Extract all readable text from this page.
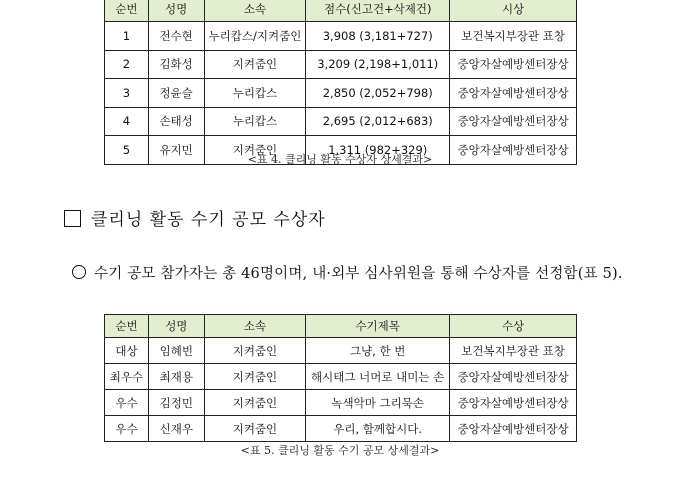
순번	성명	소속	점수(신고건+삭제건)	시상
1	전수현	누리캅스/지켜줌인	3,908 (3,181+727)	보건복지부장관 표창
2	김화성	지켜줌인	3,209 (2,198+1,011)	중앙자살예방센터장상
3	정윤슬	누리캅스	2,850 (2,052+798)	중앙자살예방센터장상
4	손태성	누리캅스	2,695 (2,012+683)	중앙자살예방센터장상
5	유지민	지켜줌인	1,311 (982+329)	중앙자살예방센터장상
<표 4. 클리닝 활동 수상자 상세결과>
클리닝 활동 수기 공모 수상자
수기 공모 참가자는 총 46명이며, 내·외부 심사위원을 통해 수상자를 선정함(표 5).
순번	성명	소속	수기제목	수상
대상	임혜빈	지켜줌인	그냥, 한 번	보건복지부장관 표창
최우수	최재용	지켜줌인	해시태그 너머로 내미는 손	중앙자살예방센터장상
우수	김정민	지켜줌인	녹색악마 그리묵손	중앙자살예방센터장상
우수	신재우	지켜줌인	우리, 함께합시다.	중앙자살예방센터장상
<표 5. 클리닝 활동 수기 공모 상세결과>
